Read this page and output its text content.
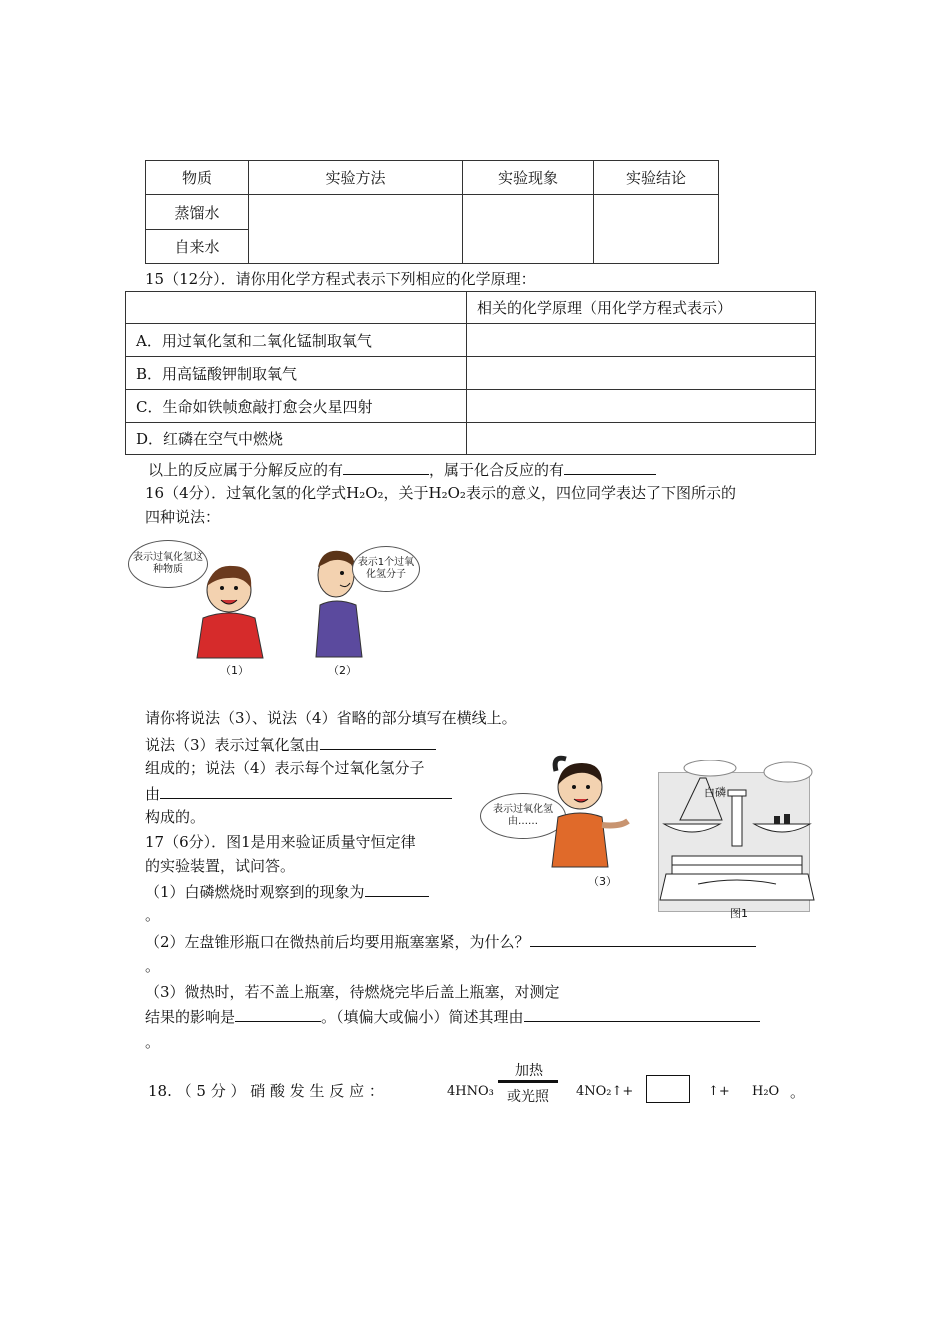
物质	实验方法	实验现象	实验结论
蒸馏水			
自来水			
15（12分）．请你用化学方程式表示下列相应的化学原理：
	相关的化学原理（用化学方程式表示）
A．用过氧化氢和二氧化锰制取氧气	
B．用高锰酸钾制取氧气	
C．生命如铁帧愈敲打愈会火星四射	
D．红磷在空气中燃烧	
以上的反应属于分解反应的有	，属于化合反应的有
16（4分）．过氧化氢的化学式H₂O₂，关于H₂O₂表示的意义，四位同学表达了下图所示的
四种说法：
表示过氧化氢这种物质
（1）
表示1个过氧化氢分子
（2）
请你将说法（3）、说法（4）省略的部分填写在横线上。
说法（3）表示过氧化氢由
组成的；说法（4）表示每个过氧化氢分子
由
构成的。	表示过氧化氢由……
（3）
白磷
图1
17（6分）．图1是用来验证质量守恒定律
的实验装置，试问答。
（1）白磷燃烧时观察到的现象为
。
（2）左盘锥形瓶口在微热前后均要用瓶塞塞紧，为什么？
。
（3）微热时，若不盖上瓶塞，待燃烧完毕后盖上瓶塞，对测定
结果的影响是	。（填偏大或偏小）简述其理由
。
18. （ 5 分 ） 硝 酸 发 生 反 应 ：	4HNO₃
加热
或光照 4NO₂↑+	↑+ H₂O 。
